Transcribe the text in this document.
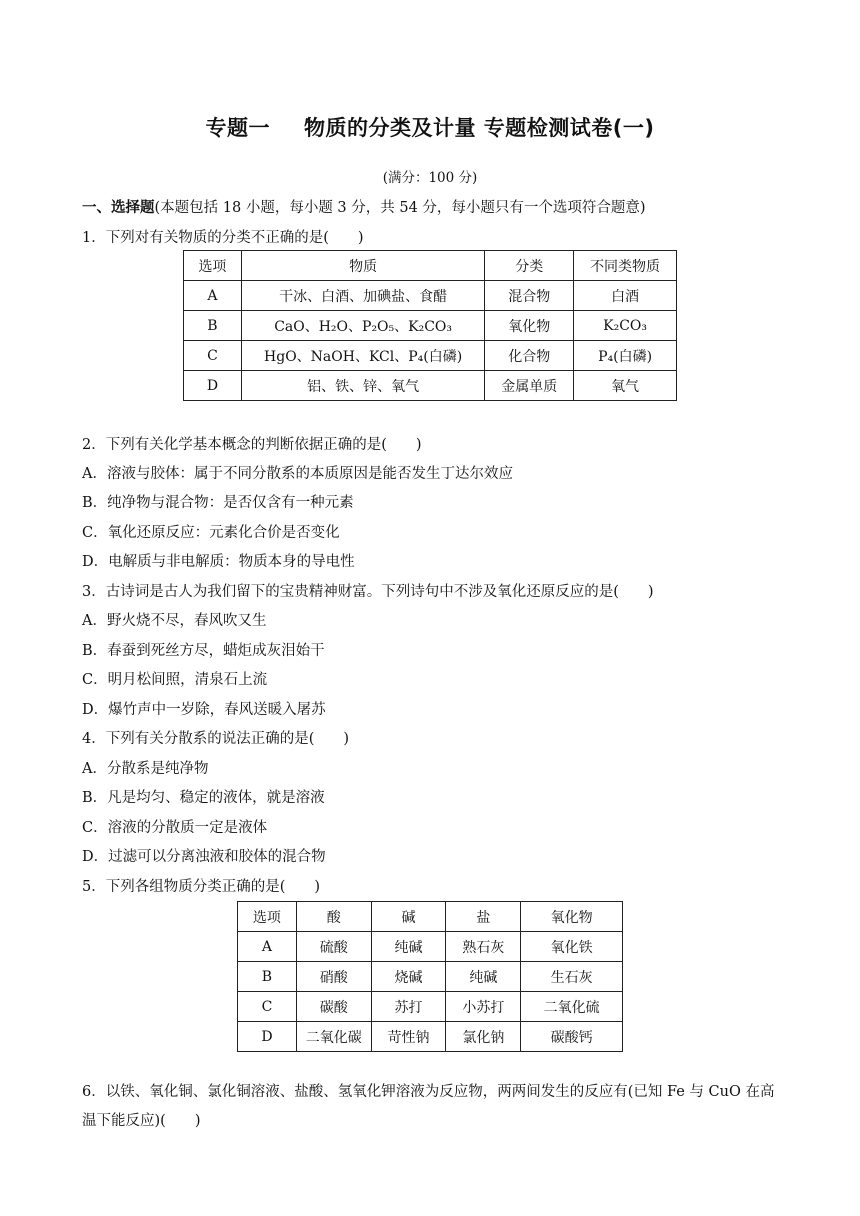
专题一 物质的分类及计量 专题检测试卷(一)
(满分：100 分)
一、选择题(本题包括 18 小题，每小题 3 分，共 54 分，每小题只有一个选项符合题意)
1．下列对有关物质的分类不正确的是(　　)
选项	物质	分类	不同类物质
A	干冰、白酒、加碘盐、食醋	混合物	白酒
B	CaO、H₂O、P₂O₅、K₂CO₃	氧化物	K₂CO₃
C	HgO、NaOH、KCl、P₄(白磷)	化合物	P₄(白磷)
D	铝、铁、锌、氧气	金属单质	氧气
2．下列有关化学基本概念的判断依据正确的是(　　)
A．溶液与胶体：属于不同分散系的本质原因是能否发生丁达尔效应
B．纯净物与混合物：是否仅含有一种元素
C．氧化还原反应：元素化合价是否变化
D．电解质与非电解质：物质本身的导电性
3．古诗词是古人为我们留下的宝贵精神财富。下列诗句中不涉及氧化还原反应的是(　　)
A．野火烧不尽，春风吹又生
B．春蚕到死丝方尽，蜡炬成灰泪始干
C．明月松间照，清泉石上流
D．爆竹声中一岁除，春风送暖入屠苏
4．下列有关分散系的说法正确的是(　　)
A．分散系是纯净物
B．凡是均匀、稳定的液体，就是溶液
C．溶液的分散质一定是液体
D．过滤可以分离浊液和胶体的混合物
5．下列各组物质分类正确的是(　　)
选项	酸	碱	盐	氧化物
A	硫酸	纯碱	熟石灰	氧化铁
B	硝酸	烧碱	纯碱	生石灰
C	碳酸	苏打	小苏打	二氧化硫
D	二氧化碳	苛性钠	氯化钠	碳酸钙
6．以铁、氧化铜、氯化铜溶液、盐酸、氢氧化钾溶液为反应物，两两间发生的反应有(已知 Fe 与 CuO 在高温下能反应)(　　)
